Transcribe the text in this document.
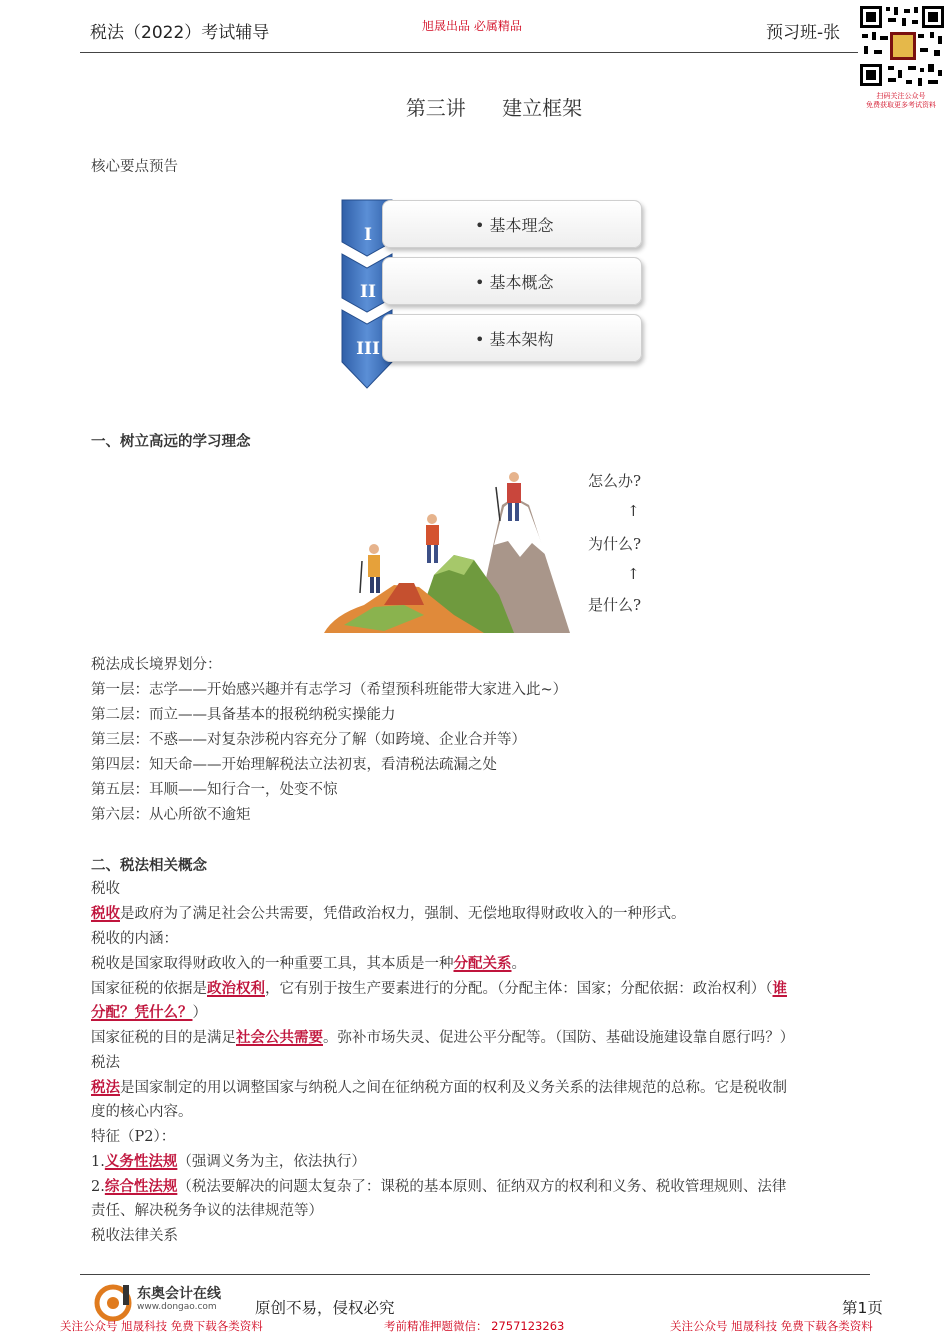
税法（2022）考试辅导	旭晟出品 必属精品	预习班-张
扫码关注公众号
免费获取更多考试资料
第三讲 建立框架
核心要点预告
I
II
III
• 基本理念
• 基本概念
• 基本架构
一、树立高远的学习理念
怎么办?
↑
为什么?
↑
是什么?
税法成长境界划分：
第一层：志学——开始感兴趣并有志学习（希望预科班能带大家进入此~）
第二层：而立——具备基本的报税纳税实操能力
第三层：不惑——对复杂涉税内容充分了解（如跨境、企业合并等）
第四层：知天命——开始理解税法立法初衷，看清税法疏漏之处
第五层：耳顺——知行合一，处变不惊
第六层：从心所欲不逾矩
二、税法相关概念
税收
税收是政府为了满足社会公共需要，凭借政治权力，强制、无偿地取得财政收入的一种形式。
税收的内涵：
税收是国家取得财政收入的一种重要工具，其本质是一种分配关系。
国家征税的依据是政治权利，它有别于按生产要素进行的分配。（分配主体：国家；分配依据：政治权利）（谁
分配？凭什么？）
国家征税的目的是满足社会公共需要。弥补市场失灵、促进公平分配等。（国防、基础设施建设靠自愿行吗？）
税法
税法是国家制定的用以调整国家与纳税人之间在征纳税方面的权利及义务关系的法律规范的总称。它是税收制
度的核心内容。
特征（P2）：
1.义务性法规（强调义务为主，依法执行）
2.综合性法规（税法要解决的问题太复杂了：课税的基本原则、征纳双方的权利和义务、税收管理规则、法律
责任、解决税务争议的法律规范等）
税收法律关系
东奥会计在线
www.dongao.com 原创不易，侵权必究	第1页
关注公众号 旭晟科技 免费下载各类资料	考前精准押题微信： 2757123263	关注公众号 旭晟科技 免费下载各类资料
